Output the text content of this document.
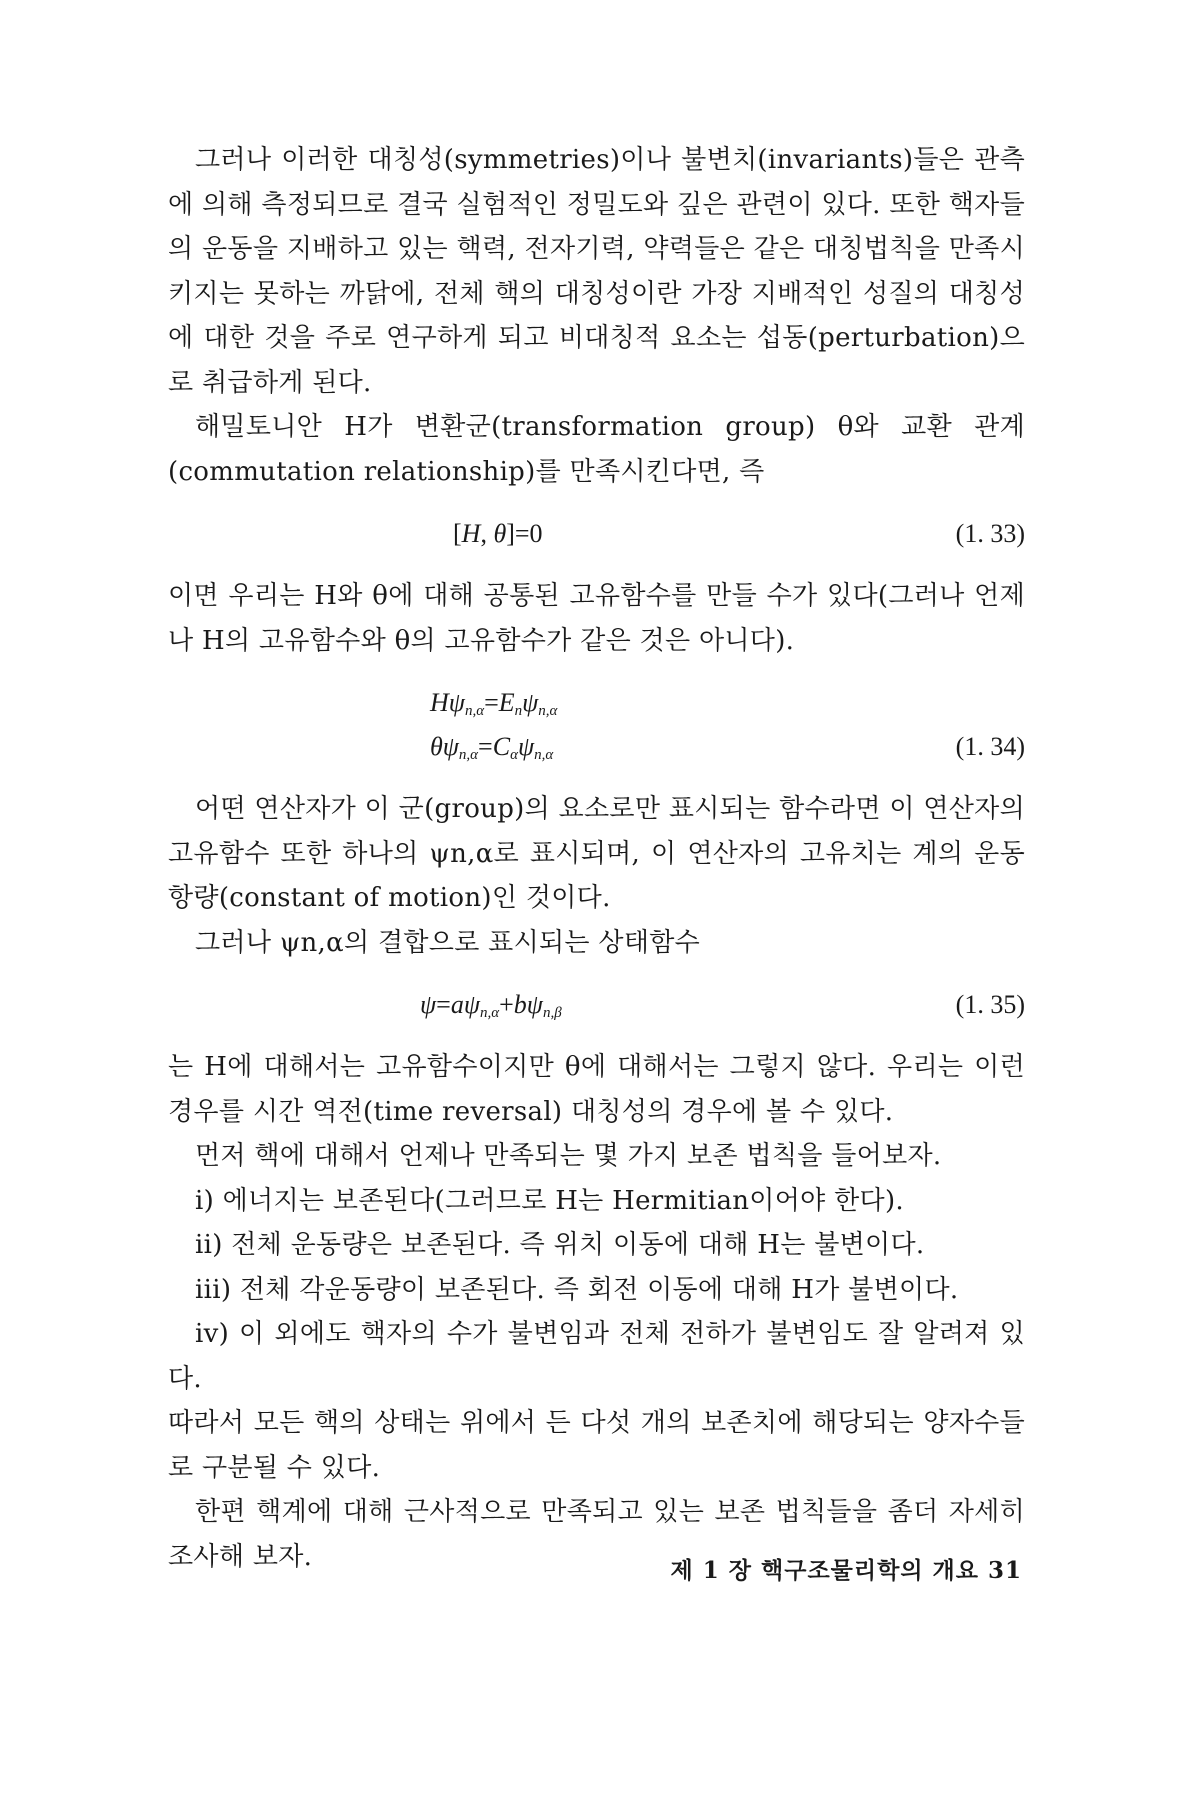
그러나 이러한 대칭성(symmetries)이나 불변치(invariants)들은 관측에 의해 측정되므로 결국 실험적인 정밀도와 깊은 관련이 있다. 또한 핵자들의 운동을 지배하고 있는 핵력, 전자기력, 약력들은 같은 대칭법칙을 만족시키지는 못하는 까닭에, 전체 핵의 대칭성이란 가장 지배적인 성질의 대칭성에 대한 것을 주로 연구하게 되고 비대칭적 요소는 섭동(perturbation)으로 취급하게 된다.

해밀토니안 H가 변환군(transformation group) θ와 교환 관계(commutation relationship)를 만족시킨다면, 즉

[H, θ]=0	(1. 33)

이면 우리는 H와 θ에 대해 공통된 고유함수를 만들 수가 있다(그러나 언제나 H의 고유함수와 θ의 고유함수가 같은 것은 아니다).

$H\psi_{n,\alpha}=E_n\psi_{n,\alpha}$
$\theta\psi_{n,\alpha}=C_\alpha\psi_{n,\alpha}$	(1. 34)

어떤 연산자가 이 군(group)의 요소로만 표시되는 함수라면 이 연산자의 고유함수 또한 하나의 ψn,α로 표시되며, 이 연산자의 고유치는 계의 운동항량(constant of motion)인 것이다.

그러나 ψn,α의 결합으로 표시되는 상태함수

$\psi=a\psi_{n,\alpha}+b\psi_{n,\beta}$	(1. 35)

는 H에 대해서는 고유함수이지만 θ에 대해서는 그렇지 않다. 우리는 이런 경우를 시간 역전(time reversal) 대칭성의 경우에 볼 수 있다.

먼저 핵에 대해서 언제나 만족되는 몇 가지 보존 법칙을 들어보자.

i) 에너지는 보존된다(그러므로 H는 Hermitian이어야 한다).

ii) 전체 운동량은 보존된다. 즉 위치 이동에 대해 H는 불변이다.

iii) 전체 각운동량이 보존된다. 즉 회전 이동에 대해 H가 불변이다.

iv) 이 외에도 핵자의 수가 불변임과 전체 전하가 불변임도 잘 알려져 있다.

따라서 모든 핵의 상태는 위에서 든 다섯 개의 보존치에 해당되는 양자수들로 구분될 수 있다.

한편 핵계에 대해 근사적으로 만족되고 있는 보존 법칙들을 좀더 자세히 조사해 보자.	제 1 장 핵구조물리학의 개요 31
